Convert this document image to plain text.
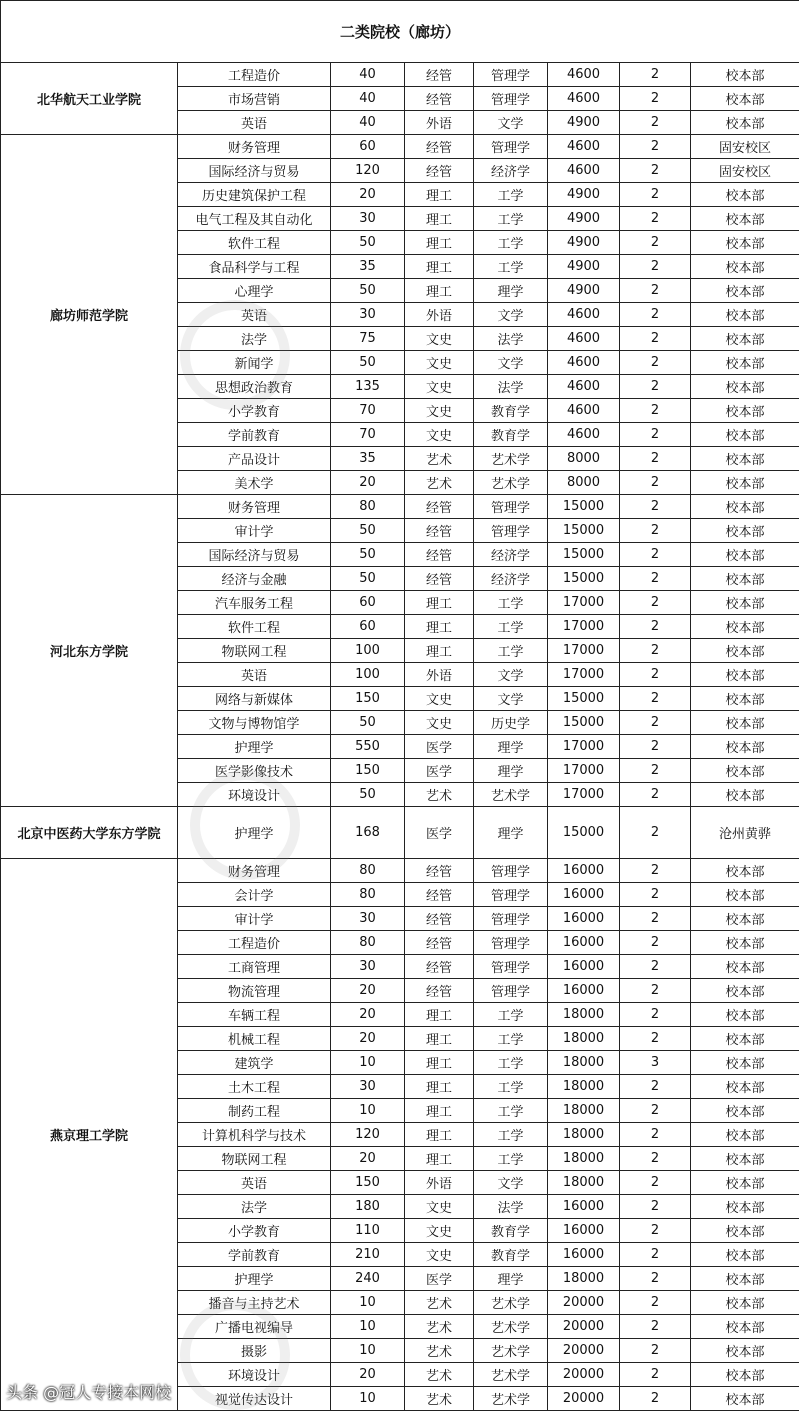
二类院校（廊坊）							
北华航天工业学院	工程造价	40	经管	管理学	4600	2	校本部
	市场营销	40	经管	管理学	4600	2	校本部
	英语	40	外语	文学	4900	2	校本部
廊坊师范学院	财务管理	60	经管	管理学	4600	2	固安校区
	国际经济与贸易	120	经管	经济学	4600	2	固安校区
	历史建筑保护工程	20	理工	工学	4900	2	校本部
	电气工程及其自动化	30	理工	工学	4900	2	校本部
	软件工程	50	理工	工学	4900	2	校本部
	食品科学与工程	35	理工	工学	4900	2	校本部
	心理学	50	理工	理学	4900	2	校本部
	英语	30	外语	文学	4600	2	校本部
	法学	75	文史	法学	4600	2	校本部
	新闻学	50	文史	文学	4600	2	校本部
	思想政治教育	135	文史	法学	4600	2	校本部
	小学教育	70	文史	教育学	4600	2	校本部
	学前教育	70	文史	教育学	4600	2	校本部
	产品设计	35	艺术	艺术学	8000	2	校本部
	美术学	20	艺术	艺术学	8000	2	校本部
河北东方学院	财务管理	80	经管	管理学	15000	2	校本部
	审计学	50	经管	管理学	15000	2	校本部
	国际经济与贸易	50	经管	经济学	15000	2	校本部
	经济与金融	50	经管	经济学	15000	2	校本部
	汽车服务工程	60	理工	工学	17000	2	校本部
	软件工程	60	理工	工学	17000	2	校本部
	物联网工程	100	理工	工学	17000	2	校本部
	英语	100	外语	文学	17000	2	校本部
	网络与新媒体	150	文史	文学	15000	2	校本部
	文物与博物馆学	50	文史	历史学	15000	2	校本部
	护理学	550	医学	理学	17000	2	校本部
	医学影像技术	150	医学	理学	17000	2	校本部
	环境设计	50	艺术	艺术学	17000	2	校本部
北京中医药大学东方学院	护理学	168	医学	理学	15000	2	沧州黄骅
燕京理工学院	财务管理	80	经管	管理学	16000	2	校本部
	会计学	80	经管	管理学	16000	2	校本部
	审计学	30	经管	管理学	16000	2	校本部
	工程造价	80	经管	管理学	16000	2	校本部
	工商管理	30	经管	管理学	16000	2	校本部
	物流管理	20	经管	管理学	16000	2	校本部
	车辆工程	20	理工	工学	18000	2	校本部
	机械工程	20	理工	工学	18000	2	校本部
	建筑学	10	理工	工学	18000	3	校本部
	土木工程	30	理工	工学	18000	2	校本部
	制药工程	10	理工	工学	18000	2	校本部
	计算机科学与技术	120	理工	工学	18000	2	校本部
	物联网工程	20	理工	工学	18000	2	校本部
	英语	150	外语	文学	18000	2	校本部
	法学	180	文史	法学	16000	2	校本部
	小学教育	110	文史	教育学	16000	2	校本部
	学前教育	210	文史	教育学	16000	2	校本部
	护理学	240	医学	理学	18000	2	校本部
	播音与主持艺术	10	艺术	艺术学	20000	2	校本部
	广播电视编导	10	艺术	艺术学	20000	2	校本部
	摄影	10	艺术	艺术学	20000	2	校本部
	环境设计	20	艺术	艺术学	20000	2	校本部
	视觉传达设计	10	艺术	艺术学	20000	2	校本部
头条 @冠人专接本网校
